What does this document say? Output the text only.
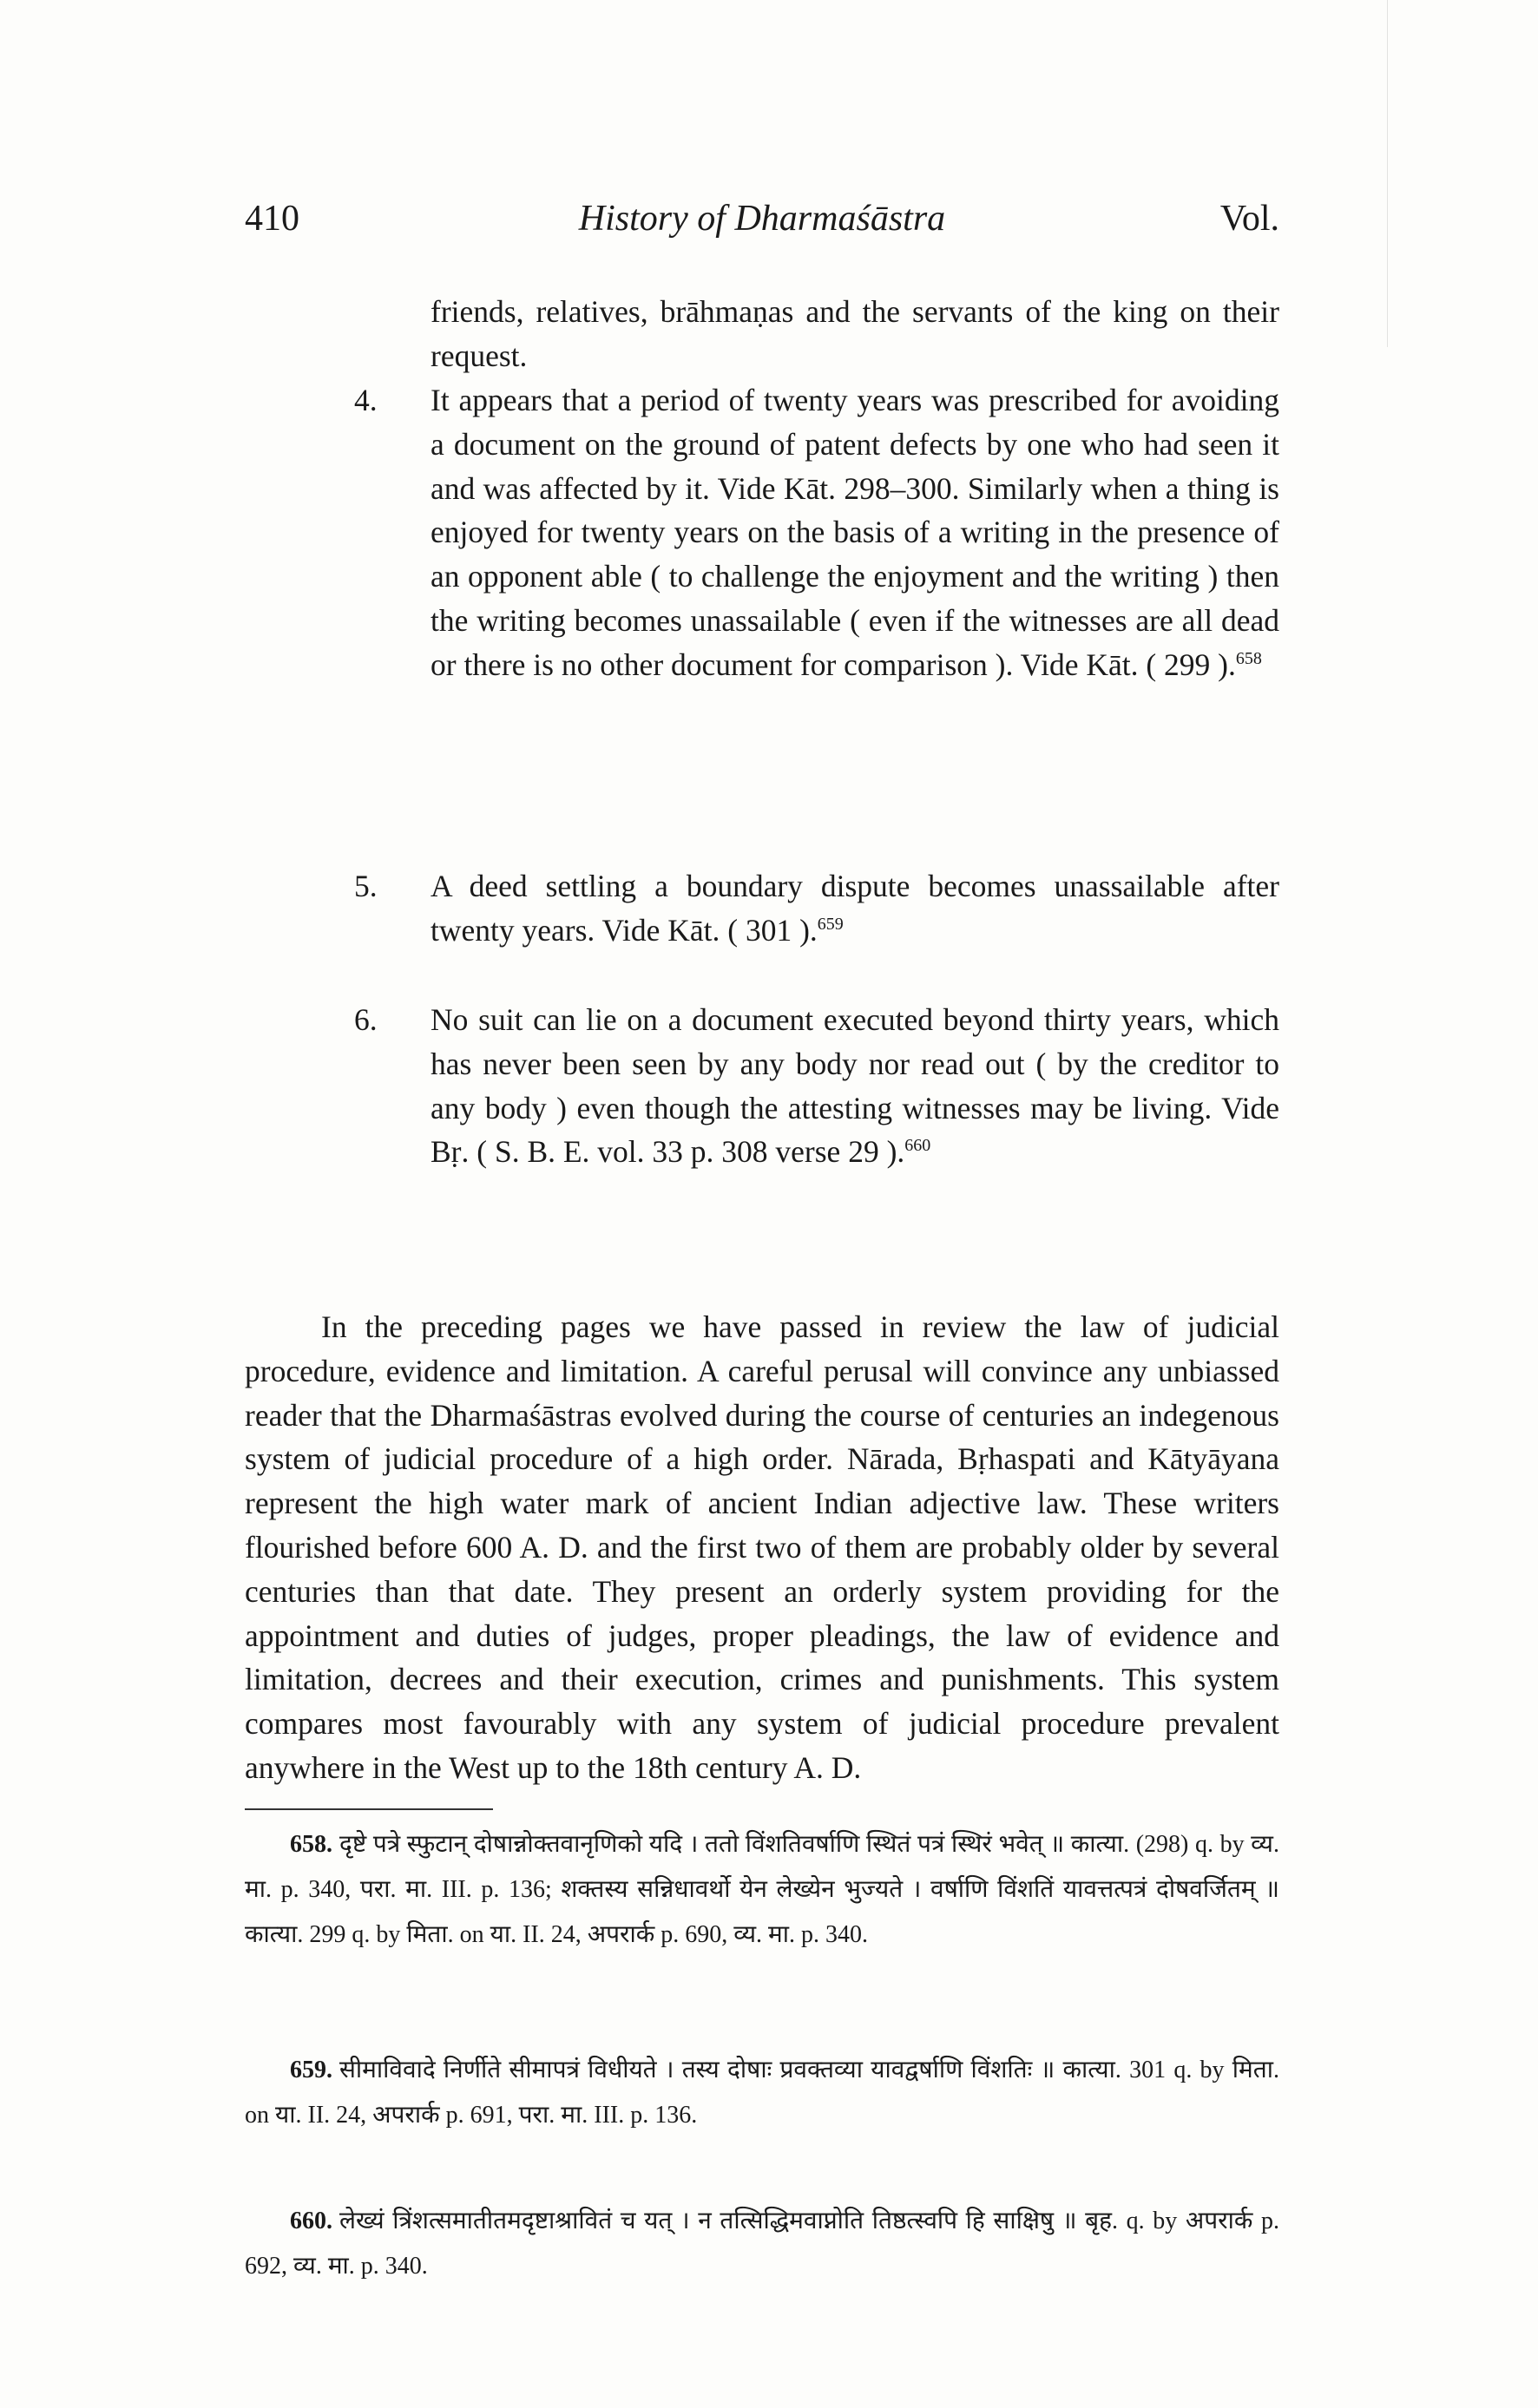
410	History of Dharmaśāstra	Vol.
friends, relatives, brāhmaṇas and the servants of the king on their request.
4. It appears that a period of twenty years was prescribed for avoiding a document on the ground of patent defects by one who had seen it and was affected by it. Vide Kāt. 298–300. Similarly when a thing is enjoyed for twenty years on the basis of a writing in the presence of an opponent able ( to challenge the enjoyment and the writing ) then the writing becomes unassailable ( even if the witnesses are all dead or there is no other document for comparison ). Vide Kāt. ( 299 ).$^{658}$
5. A deed settling a boundary dispute becomes unassailable after twenty years. Vide Kāt. ( 301 ).$^{659}$
6. No suit can lie on a document executed beyond thirty years, which has never been seen by any body nor read out ( by the creditor to any body ) even though the attesting witnesses may be living. Vide Bṛ. ( S. B. E. vol. 33 p. 308 verse 29 ).$^{660}$
In the preceding pages we have passed in review the law of judicial procedure, evidence and limitation. A careful perusal will convince any unbiassed reader that the Dharmaśāstras evolved during the course of centuries an indegenous system of judicial procedure of a high order. Nārada, Bṛhaspati and Kātyāyana represent the high water mark of ancient Indian adjective law. These writers flourished before 600 A. D. and the first two of them are probably older by several centuries than that date. They present an orderly system providing for the appointment and duties of judges, proper pleadings, the law of evidence and limitation, decrees and their execution, crimes and punishments. This system compares most favourably with any system of judicial procedure prevalent anywhere in the West up to the 18th century A. D.
658. दृष्टे पत्रे स्फुटान् दोषान्नोक्तवानृणिको यदि । ततो विंशतिवर्षाणि स्थितं पत्रं स्थिरं भवेत् ॥ कात्या. (298) q. by व्य. मा. p. 340, परा. मा. III. p. 136; शक्तस्य सन्निधावर्थो येन लेख्येन भुज्यते । वर्षाणि विंशतिं यावत्तत्पत्रं दोषवर्जितम् ॥ कात्या. 299 q. by मिता. on या. II. 24, अपरार्क p. 690, व्य. मा. p. 340.
659. सीमाविवादे निर्णीते सीमापत्रं विधीयते । तस्य दोषाः प्रवक्तव्या यावद्वर्षाणि विंशतिः ॥ कात्या. 301 q. by मिता. on या. II. 24, अपरार्क p. 691, परा. मा. III. p. 136.
660. लेख्यं त्रिंशत्समातीतमदृष्टाश्रावितं च यत् । न तत्सिद्धिमवाप्नोति तिष्ठत्स्वपि हि साक्षिषु ॥ बृह. q. by अपरार्क p. 692, व्य. मा. p. 340.
